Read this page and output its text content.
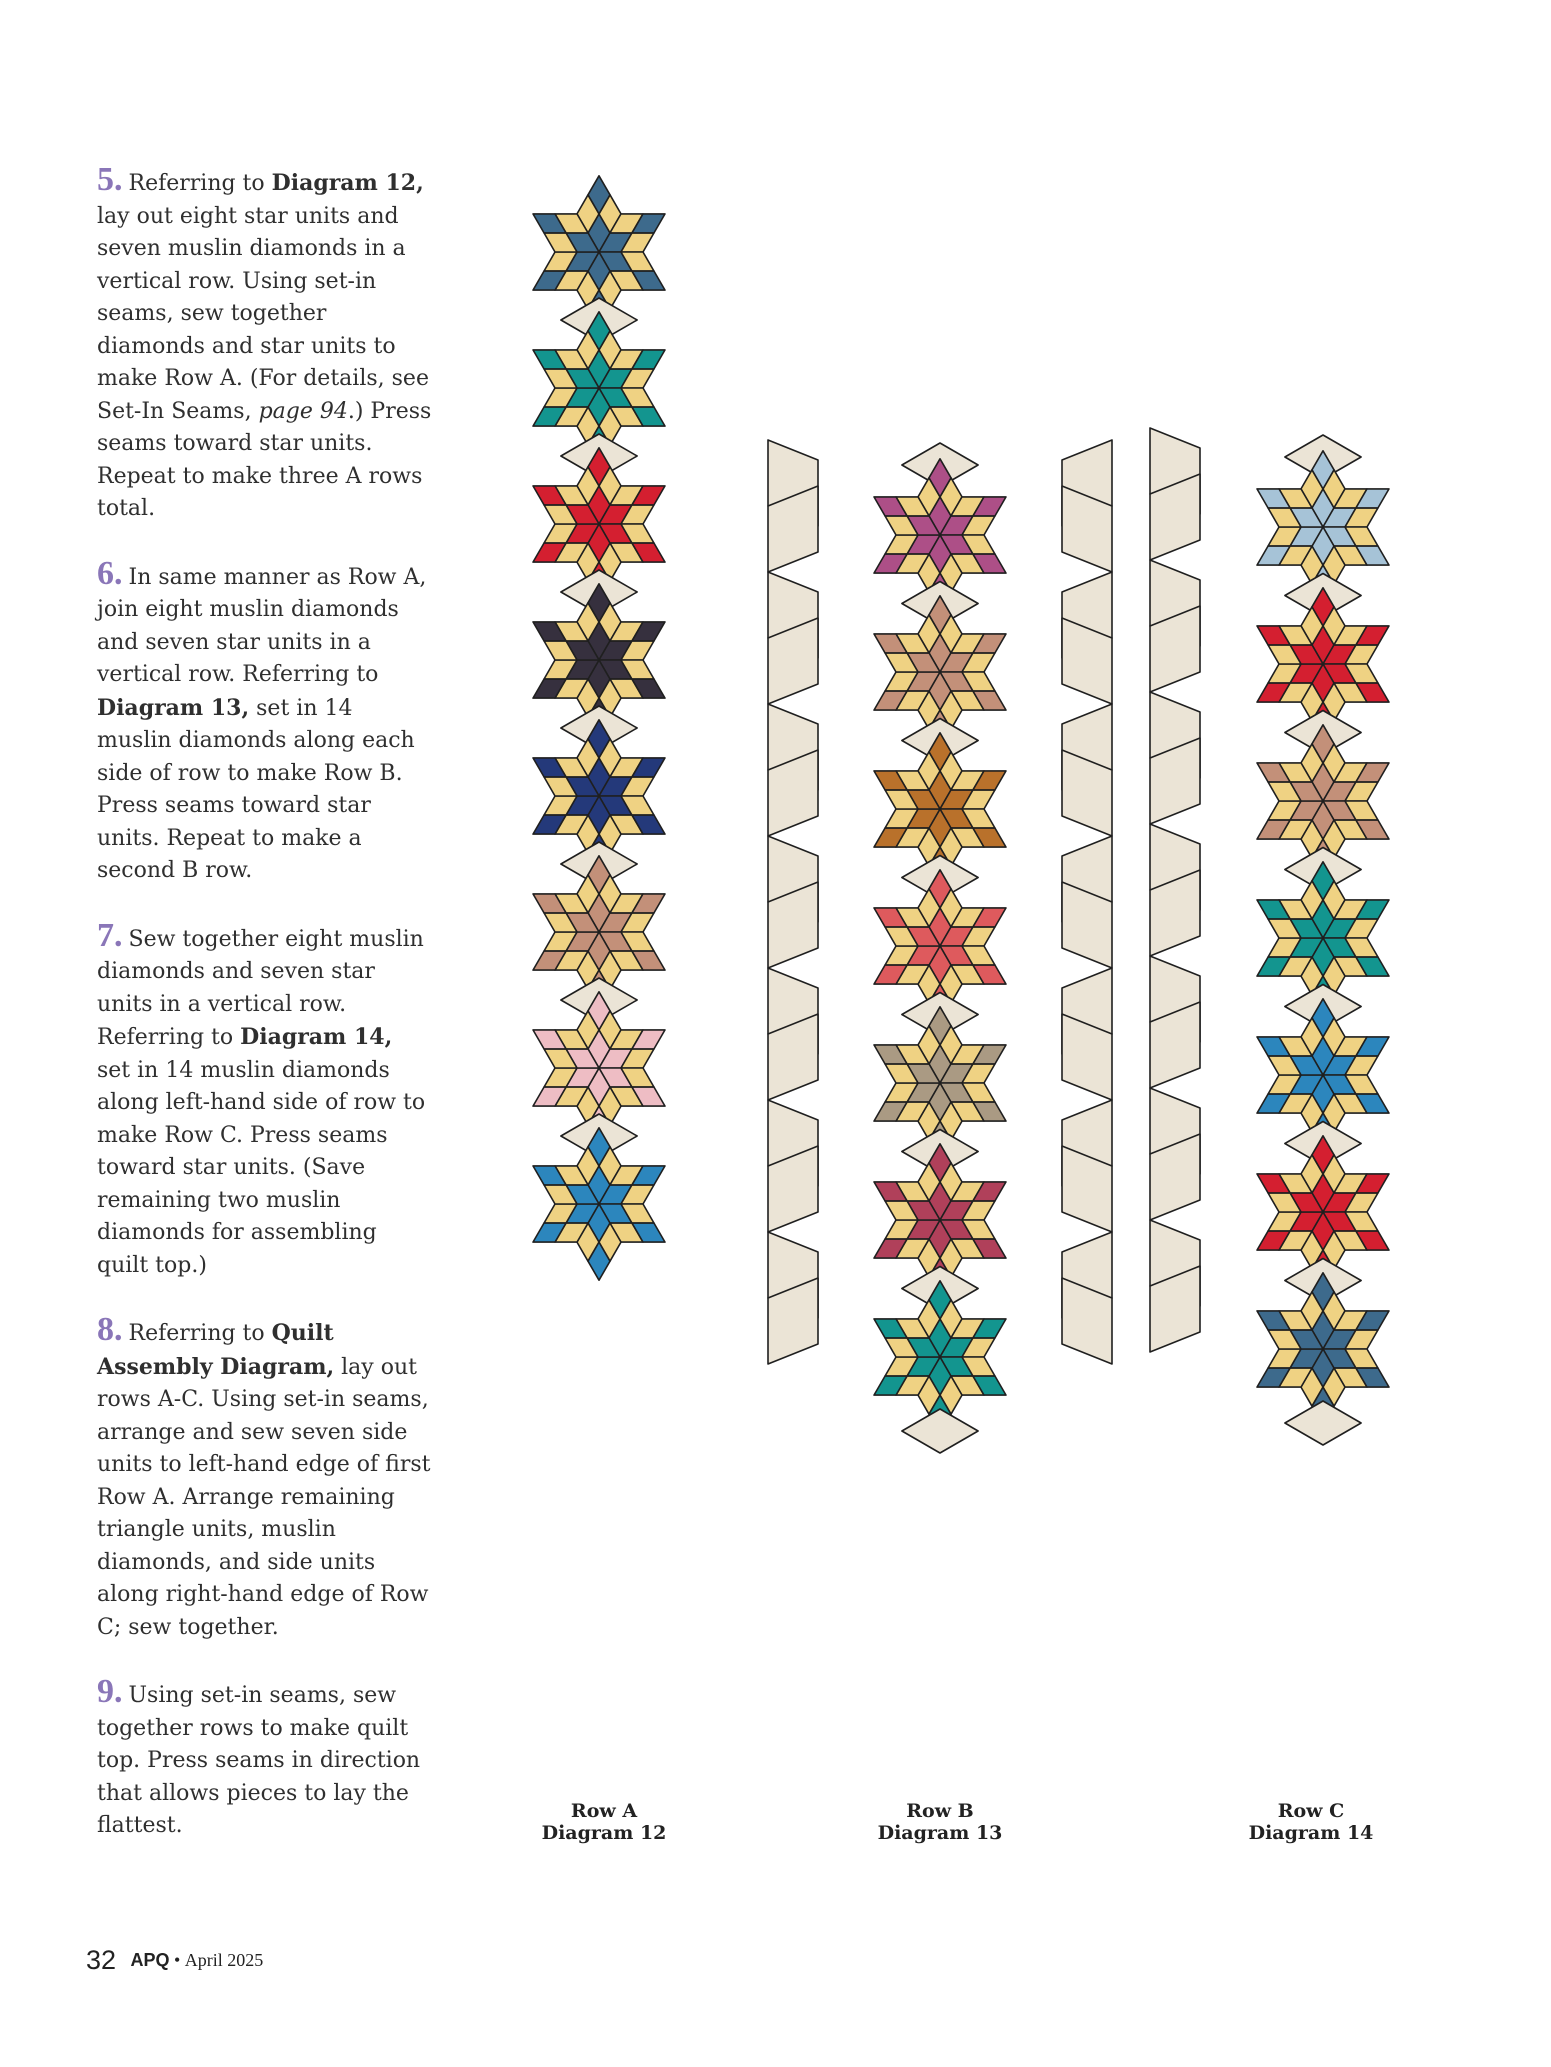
5. Referring to Diagram 12, lay out eight star units and seven muslin diamonds in a vertical row. Using set-in seams, sew together diamonds and star units to make Row A. (For details, see Set-In Seams, page 94.) Press seams toward star units. Repeat to make three A rows total.

6. In same manner as Row A, join eight muslin diamonds and seven star units in a vertical row. Referring to Diagram 13, set in 14 muslin diamonds along each side of row to make Row B. Press seams toward star units. Repeat to make a second B row.

7. Sew together eight muslin diamonds and seven star units in a vertical row. Referring to Diagram 14, set in 14 muslin diamonds along left-hand side of row to make Row C. Press seams toward star units. (Save remaining two muslin diamonds for assembling quilt top.)

8. Referring to Quilt Assembly Diagram, lay out rows A-C. Using set-in seams, arrange and sew seven side units to left-hand edge of first Row A. Arrange remaining triangle units, muslin diamonds, and side units along right-hand edge of Row C; sew together.

9. Using set-in seams, sew together rows to make quilt top. Press seams in direction that allows pieces to lay the flattest.

Row A
Diagram 12
Row B
Diagram 13
Row C
Diagram 14
32 APQ • April 2025
